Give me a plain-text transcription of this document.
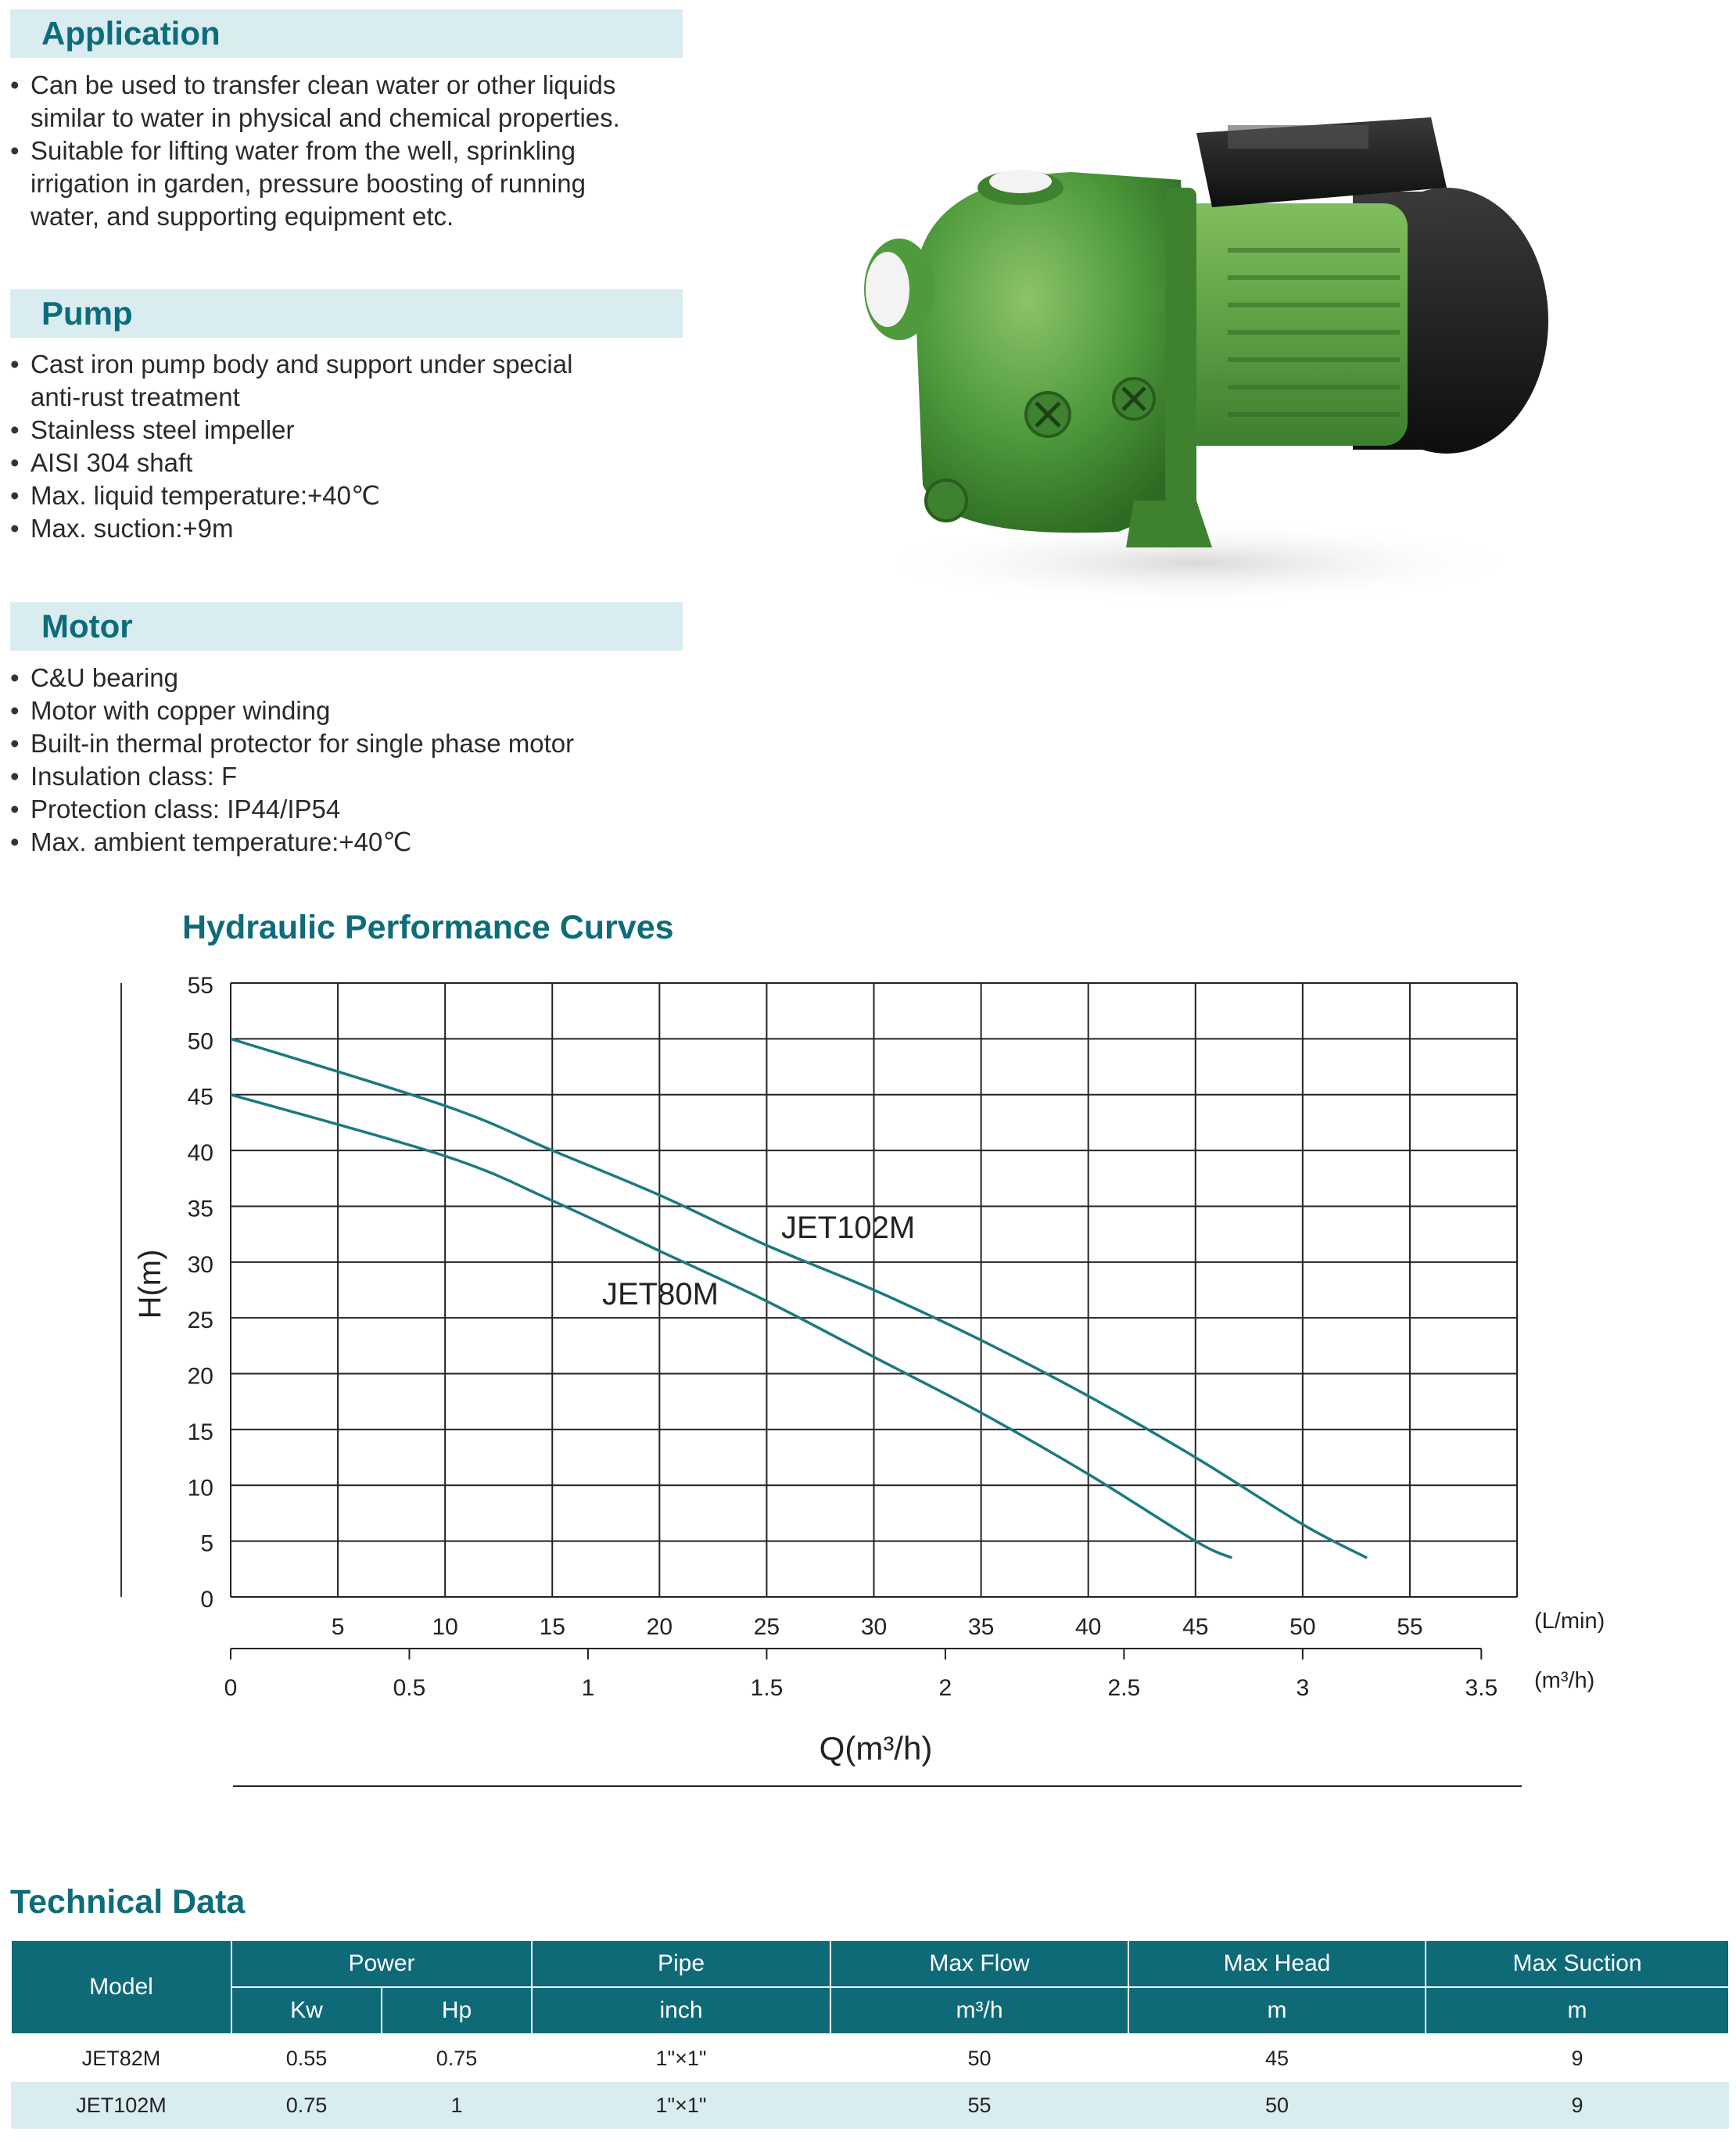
Application
• Can be used to transfer clean water or other liquids
similar to water in physical and chemical properties.
• Suitable for lifting water from the well, sprinkling
irrigation in garden, pressure boosting of running
water, and supporting equipment etc.
Pump
• Cast iron pump body and support under special
anti-rust treatment
• Stainless steel impeller
• AISI 304 shaft
• Max. liquid temperature:+40℃
• Max. suction:+9m
Motor
• C&U bearing
• Motor with copper winding
• Built-in thermal protector for single phase motor
• Insulation class: F
• Protection class: IP44/IP54
• Max. ambient temperature:+40℃
Hydraulic Performance Curves
0
5
10
15
20
25
30
35
40
45
50
55
H(m)
5	10	15	20	25	30	35	40	45	50	55	(L/min)
0	0.5	1	1.5	2	2.5	3	3.5 (m³/h)
Q(m³/h)
JET102M
JET80M
Technical Data
Model	Power		Pipe	Max Flow	Max Head	Max Suction
	Kw	Hp	inch	m³/h	m	m
JET82M	0.55	0.75	1"×1"	50	45	9
JET102M	0.75	1	1"×1"	55	50	9
